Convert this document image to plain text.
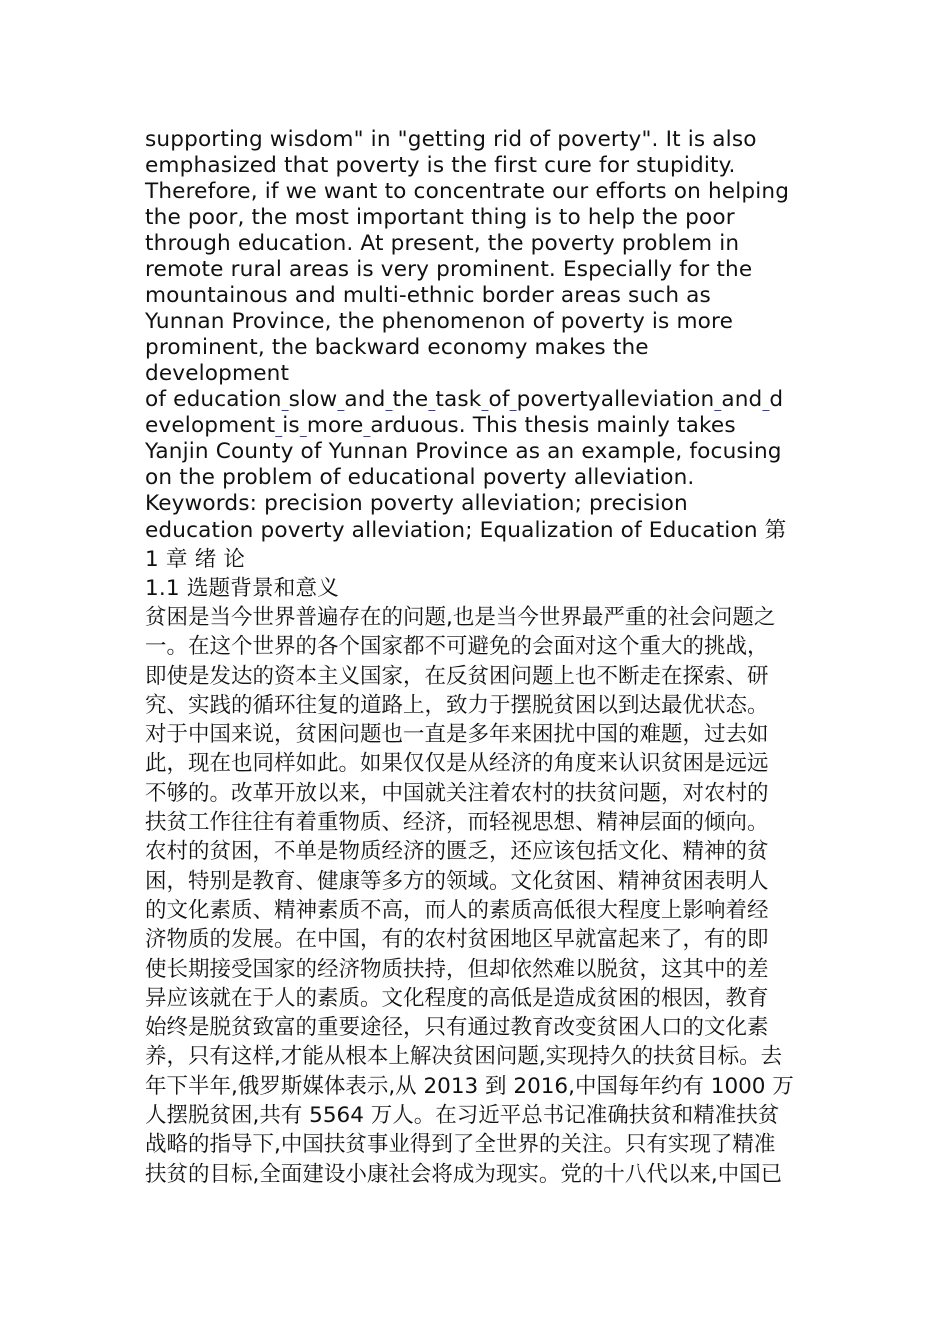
supporting wisdom" in "getting rid of poverty". It is also
emphasized that poverty is the first cure for stupidity.
Therefore, if we want to concentrate our efforts on helping
the poor, the most important thing is to help the poor
through education. At present, the poverty problem in
remote rural areas is very prominent. Especially for the
mountainous and multi-ethnic border areas such as
Yunnan Province, the phenomenon of poverty is more
prominent, the backward economy makes the
development
of education slow and the task of povertyalleviation and d
evelopment is more arduous. This thesis mainly takes
Yanjin County of Yunnan Province as an example, focusing
on the problem of educational poverty alleviation.
Keywords: precision poverty alleviation; precision
education poverty alleviation; Equalization of Education 第
1 章 绪 论
1.1 选题背景和意义
贫困是当今世界普遍存在的问题,也是当今世界最严重的社会问题之
一。在这个世界的各个国家都不可避免的会面对这个重大的挑战，
即使是发达的资本主义国家，在反贫困问题上也不断走在探索、研
究、实践的循环往复的道路上，致力于摆脱贫困以到达最优状态。
对于中国来说，贫困问题也一直是多年来困扰中国的难题，过去如
此，现在也同样如此。如果仅仅是从经济的角度来认识贫困是远远
不够的。改革开放以来，中国就关注着农村的扶贫问题，对农村的
扶贫工作往往有着重物质、经济，而轻视思想、精神层面的倾向。
农村的贫困，不单是物质经济的匮乏，还应该包括文化、精神的贫
困，特别是教育、健康等多方的领域。文化贫困、精神贫困表明人
的文化素质、精神素质不高，而人的素质高低很大程度上影响着经
济物质的发展。在中国，有的农村贫困地区早就富起来了，有的即
使长期接受国家的经济物质扶持，但却依然难以脱贫，这其中的差
异应该就在于人的素质。文化程度的高低是造成贫困的根因，教育
始终是脱贫致富的重要途径，只有通过教育改变贫困人口的文化素
养，只有这样,才能从根本上解决贫困问题,实现持久的扶贫目标。去
年下半年,俄罗斯媒体表示,从 2013 到 2016,中国每年约有 1000 万
人摆脱贫困,共有 5564 万人。在习近平总书记准确扶贫和精准扶贫
战略的指导下,中国扶贫事业得到了全世界的关注。只有实现了精准
扶贫的目标,全面建设小康社会将成为现实。党的十八代以来,中国已
